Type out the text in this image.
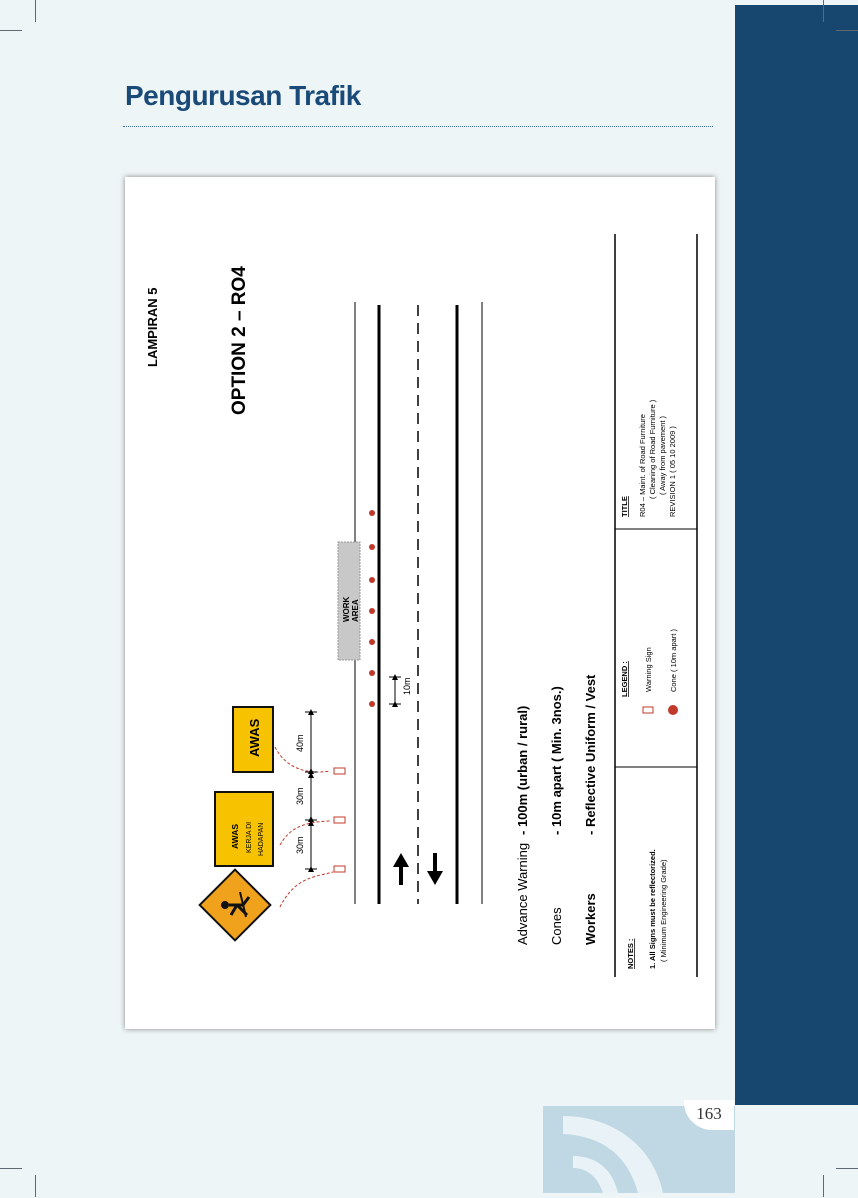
Pengurusan Trafik
LAMPIRAN 5	OPTION 2 – RO4
AWAS KERJA DI HADAPAN
AWAS
30m
30m
40m
WORK AREA
10m
Advance Warning
- 100m (urban / rural)
Cones
- 10m apart ( Min. 3nos.)
Workers
- Reflective Uniform / Vest
NOTES : 1. All Signs must be reflectorized. ( Minimum Engineering Grade)
LEGEND : Warning Sign Cone ( 10m apart )
TITLE R04 – Maint. of Road Furniture ( Cleaning of Road Furniture ) ( Away from pavement ) REVISION 1 ( 05 10 2009 )
163
